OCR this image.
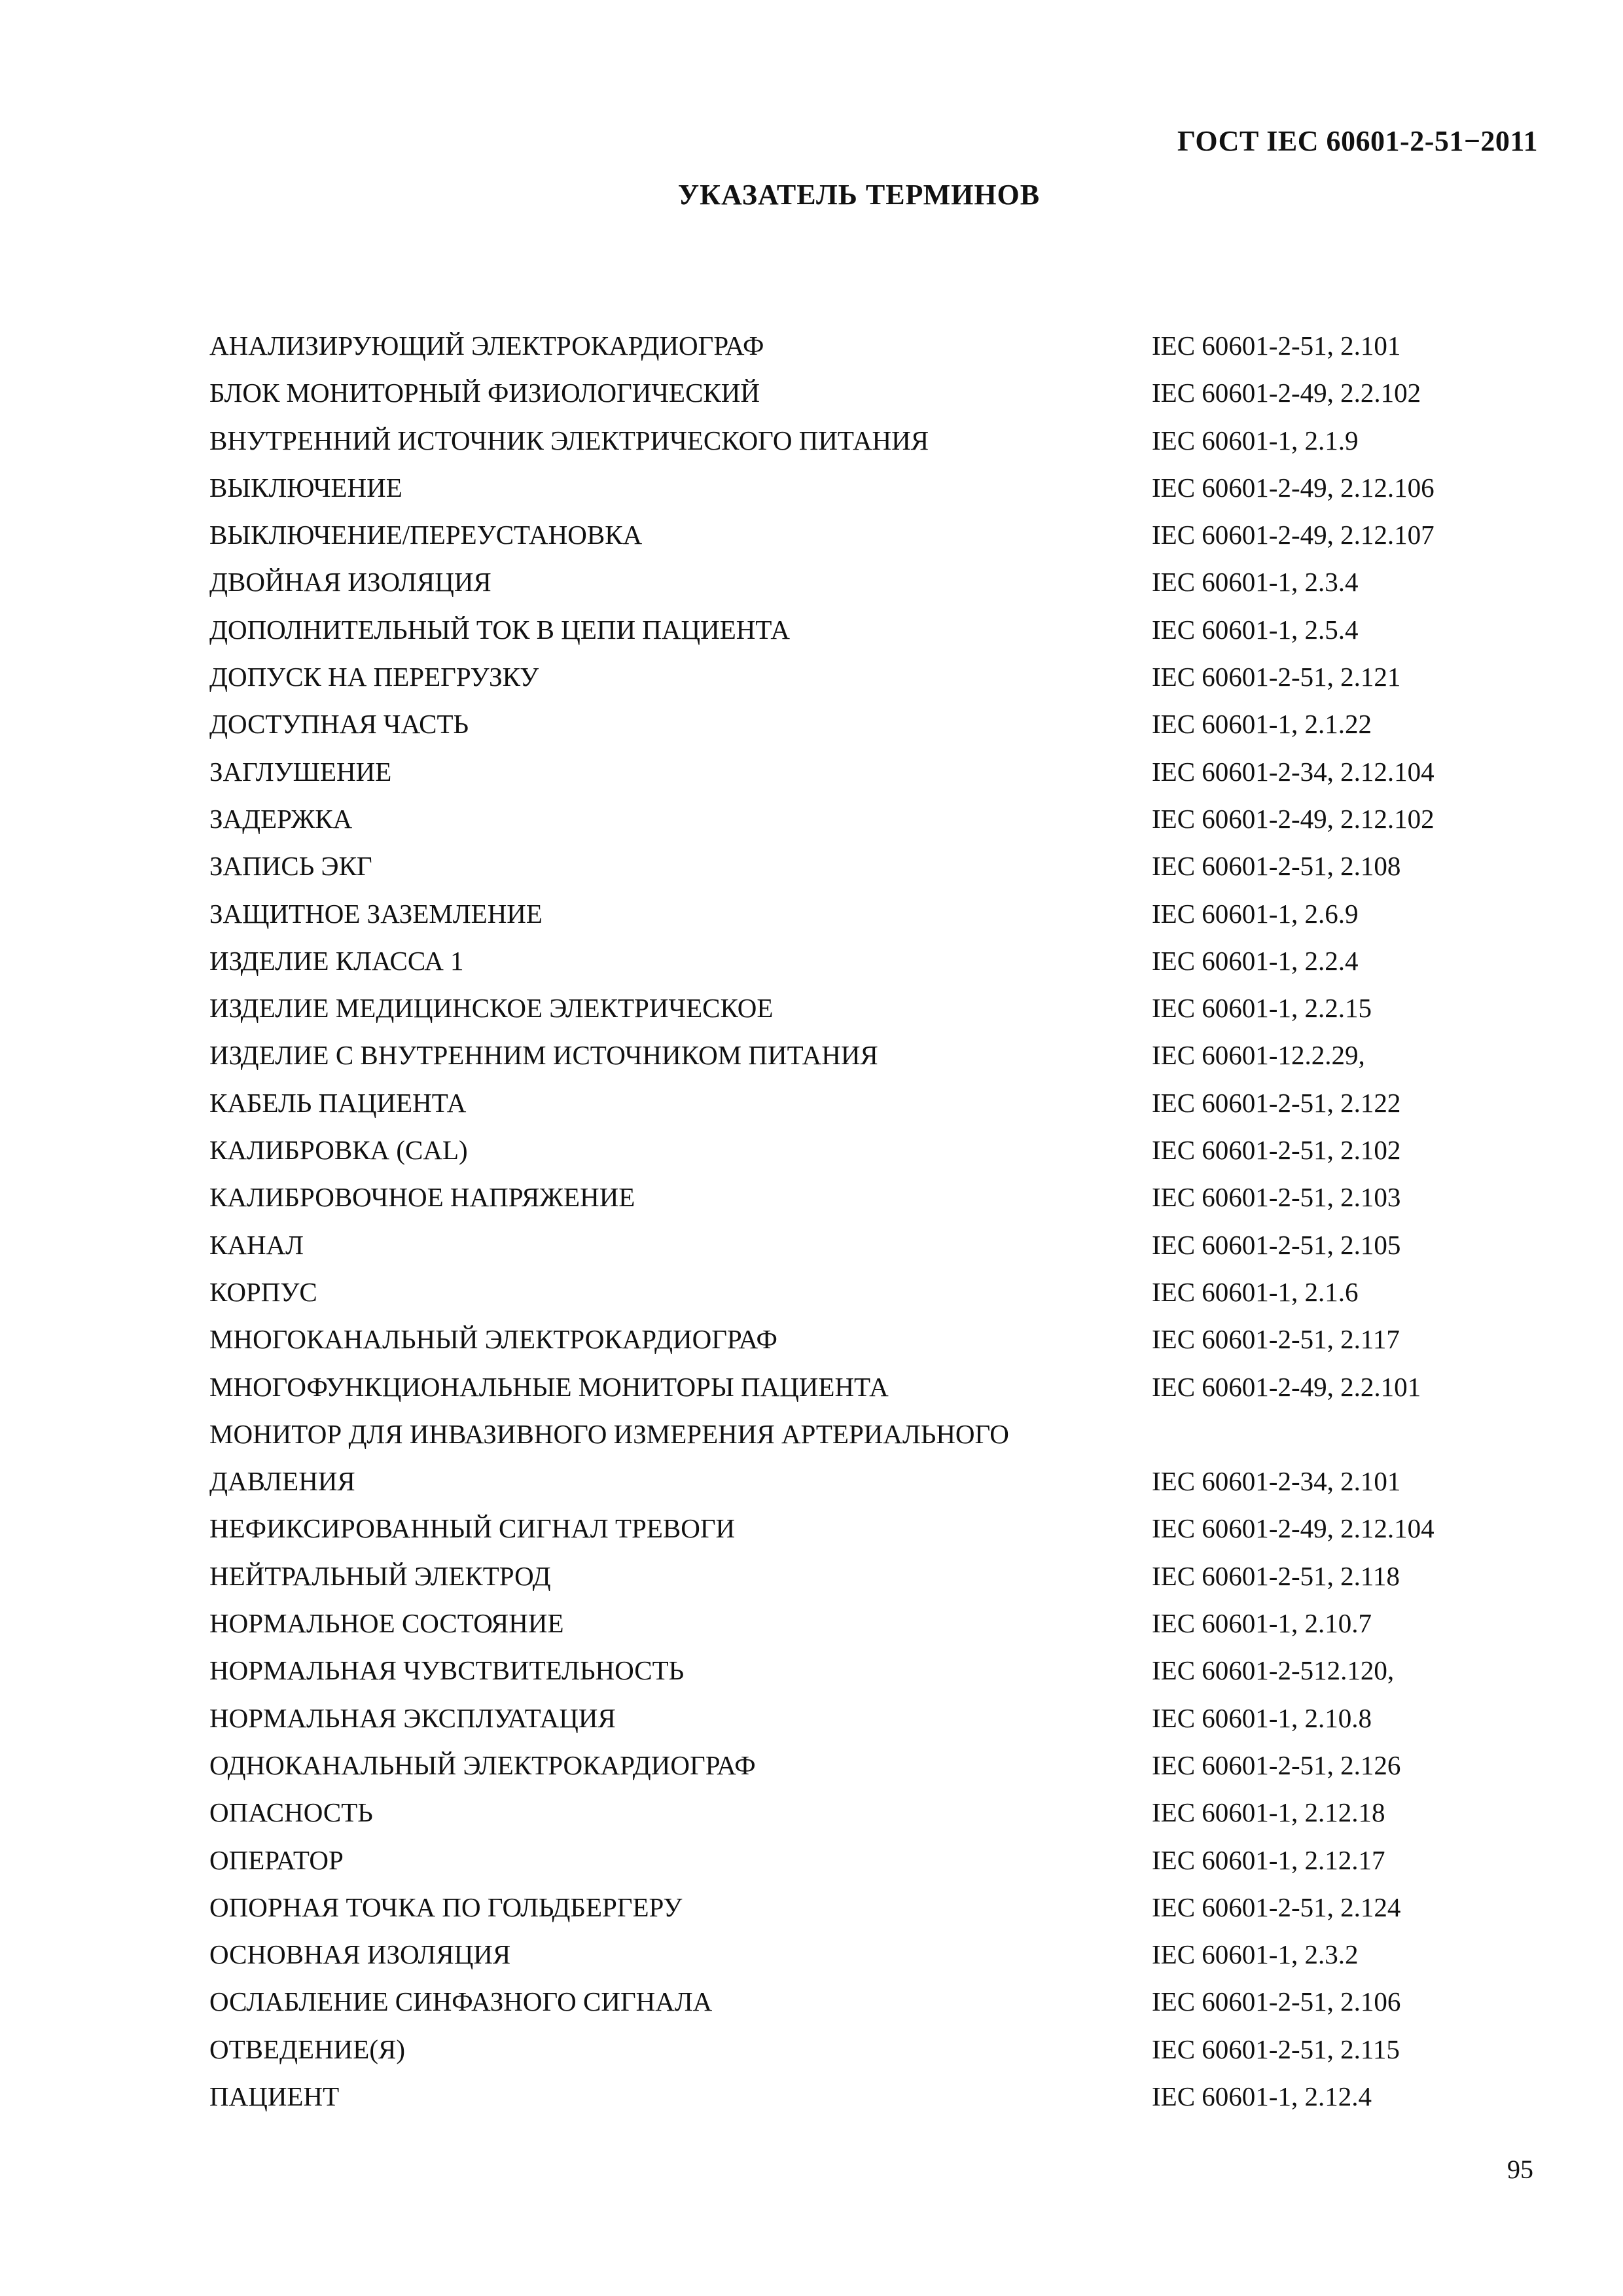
ГОСТ IEC 60601-2-51−2011
УКАЗАТЕЛЬ ТЕРМИНОВ
АНАЛИЗИРУЮЩИЙ ЭЛЕКТРОКАРДИОГРАФ	IEC 60601-2-51, 2.101
БЛОК МОНИТОРНЫЙ ФИЗИОЛОГИЧЕСКИЙ	IEC 60601-2-49, 2.2.102
ВНУТРЕННИЙ ИСТОЧНИК ЭЛЕКТРИЧЕСКОГО ПИТАНИЯ	IEC 60601-1, 2.1.9
ВЫКЛЮЧЕНИЕ	IEC 60601-2-49, 2.12.106
ВЫКЛЮЧЕНИЕ/ПЕРЕУСТАНОВКА	IEC 60601-2-49, 2.12.107
ДВОЙНАЯ ИЗОЛЯЦИЯ	IEC 60601-1, 2.3.4
ДОПОЛНИТЕЛЬНЫЙ ТОК В ЦЕПИ ПАЦИЕНТА	IEC 60601-1, 2.5.4
ДОПУСК НА ПЕРЕГРУЗКУ	IEC 60601-2-51, 2.121
ДОСТУПНАЯ ЧАСТЬ	IEC 60601-1, 2.1.22
ЗАГЛУШЕНИЕ	IEC 60601-2-34, 2.12.104
ЗАДЕРЖКА	IEC 60601-2-49, 2.12.102
ЗАПИСЬ ЭКГ	IEC 60601-2-51, 2.108
ЗАЩИТНОЕ ЗАЗЕМЛЕНИЕ	IEC 60601-1, 2.6.9
ИЗДЕЛИЕ КЛАССА 1	IEC 60601-1, 2.2.4
ИЗДЕЛИЕ МЕДИЦИНСКОЕ ЭЛЕКТРИЧЕСКОЕ	IEC 60601-1, 2.2.15
ИЗДЕЛИЕ С ВНУТРЕННИМ ИСТОЧНИКОМ ПИТАНИЯ	IEC 60601-12.2.29,
КАБЕЛЬ ПАЦИЕНТА	IEC 60601-2-51, 2.122
КАЛИБРОВКА (CAL)	IEC 60601-2-51, 2.102
КАЛИБРОВОЧНОЕ НАПРЯЖЕНИЕ	IEC 60601-2-51, 2.103
КАНАЛ	IEC 60601-2-51, 2.105
КОРПУС	IEC 60601-1, 2.1.6
МНОГОКАНАЛЬНЫЙ ЭЛЕКТРОКАРДИОГРАФ	IEC 60601-2-51, 2.117
МНОГОФУНКЦИОНАЛЬНЫЕ МОНИТОРЫ ПАЦИЕНТА	IEC 60601-2-49, 2.2.101
МОНИТОР ДЛЯ ИНВАЗИВНОГО ИЗМЕРЕНИЯ АРТЕРИАЛЬНОГО
ДАВЛЕНИЯ	IEC 60601-2-34, 2.101
НЕФИКСИРОВАННЫЙ СИГНАЛ ТРЕВОГИ	IEC 60601-2-49, 2.12.104
НЕЙТРАЛЬНЫЙ ЭЛЕКТРОД	IEC 60601-2-51, 2.118
НОРМАЛЬНОЕ СОСТОЯНИЕ	IEC 60601-1, 2.10.7
НОРМАЛЬНАЯ ЧУВСТВИТЕЛЬНОСТЬ	IEC 60601-2-512.120,
НОРМАЛЬНАЯ ЭКСПЛУАТАЦИЯ	IEC 60601-1, 2.10.8
ОДНОКАНАЛЬНЫЙ ЭЛЕКТРОКАРДИОГРАФ	IEC 60601-2-51, 2.126
ОПАСНОСТЬ	IEC 60601-1, 2.12.18
ОПЕРАТОР	IEC 60601-1, 2.12.17
ОПОРНАЯ ТОЧКА ПО ГОЛЬДБЕРГЕРУ	IEC 60601-2-51, 2.124
ОСНОВНАЯ ИЗОЛЯЦИЯ	IEC 60601-1, 2.3.2
ОСЛАБЛЕНИЕ СИНФАЗНОГО СИГНАЛА	IEC 60601-2-51, 2.106
ОТВЕДЕНИЕ(Я)	IEC 60601-2-51, 2.115
ПАЦИЕНТ	IEC 60601-1, 2.12.4
95
